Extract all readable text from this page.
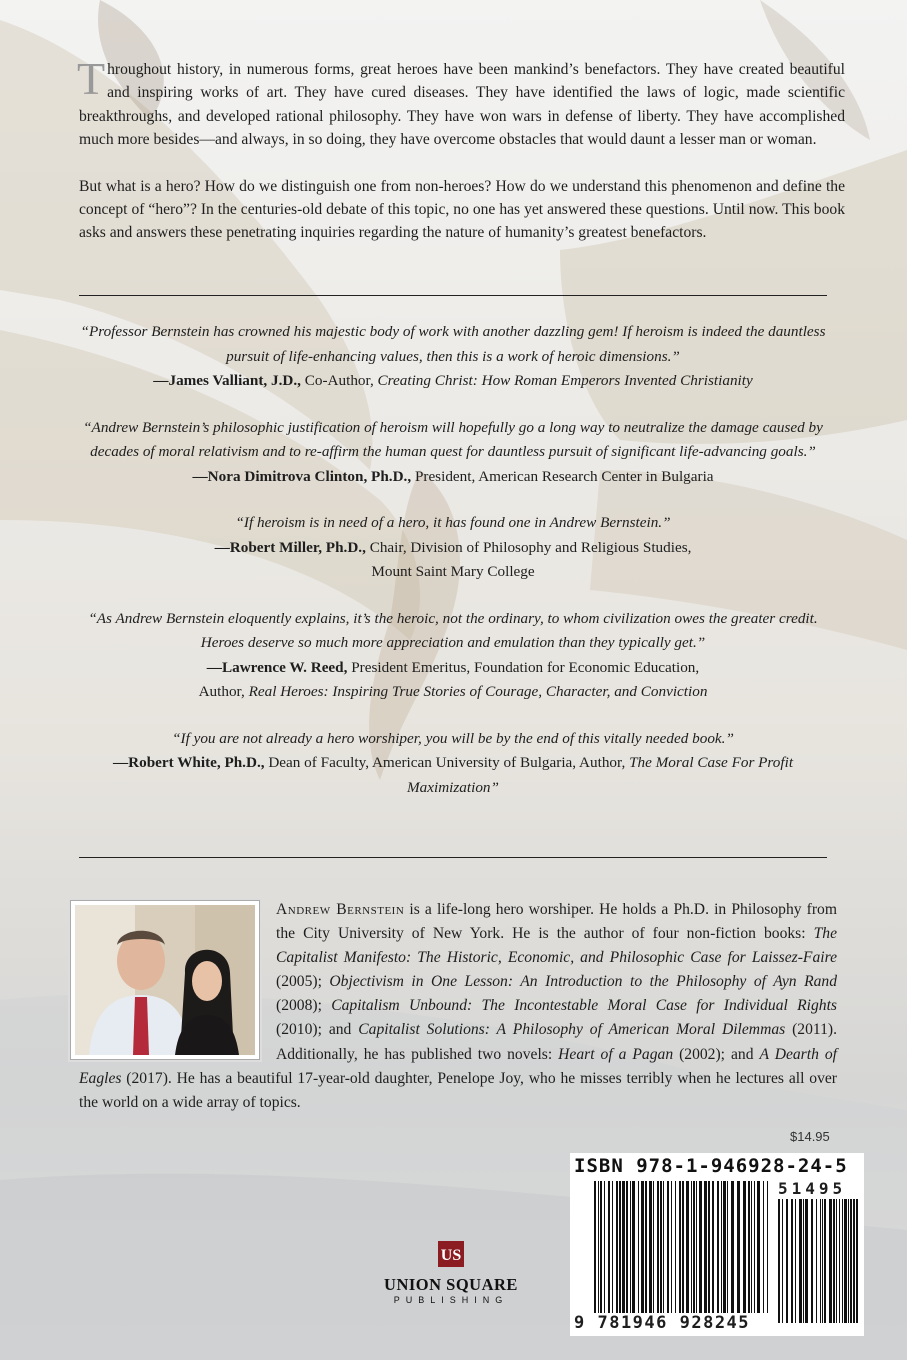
Throughout history, in numerous forms, great heroes have been mankind’s benefactors. They have created beautiful and inspiring works of art. They have cured diseases. They have identified the laws of logic, made scientific breakthroughs, and developed rational philosophy. They have won wars in defense of liberty. They have accomplished much more besides—and always, in so doing, they have overcome obstacles that would daunt a lesser man or woman.

But what is a hero? How do we distinguish one from non-heroes? How do we understand this phenomenon and define the concept of “hero”? In the centuries-old debate of this topic, no one has yet answered these questions. Until now. This book asks and answers these penetrating inquiries regarding the nature of humanity’s greatest benefactors.

“Professor Bernstein has crowned his majestic body of work with another dazzling gem! If heroism is indeed the dauntless pursuit of life-enhancing values, then this is a work of heroic dimensions.”
—James Valliant, J.D., Co-Author, Creating Christ: How Roman Emperors Invented Christianity
“Andrew Bernstein’s philosophic justification of heroism will hopefully go a long way to neutralize the damage caused by decades of moral relativism and to re-affirm the human quest for dauntless pursuit of significant life-advancing goals.”
—Nora Dimitrova Clinton, Ph.D., President, American Research Center in Bulgaria
“If heroism is in need of a hero, it has found one in Andrew Bernstein.”
—Robert Miller, Ph.D., Chair, Division of Philosophy and Religious Studies,
Mount Saint Mary College
“As Andrew Bernstein eloquently explains, it’s the heroic, not the ordinary, to whom civilization owes the greater credit. Heroes deserve so much more appreciation and emulation than they typically get.”
—Lawrence W. Reed, President Emeritus, Foundation for Economic Education,
Author, Real Heroes: Inspiring True Stories of Courage, Character, and Conviction
“If you are not already a hero worshiper, you will be by the end of this vitally needed book.”
—Robert White, Ph.D., Dean of Faculty, American University of Bulgaria, Author, The Moral Case For Profit Maximization”
Andrew Bernstein is a life-long hero worshiper. He holds a Ph.D. in Philosophy from the City University of New York. He is the author of four non-fiction books: The Capitalist Manifesto: The Historic, Economic, and Philosophic Case for Laissez-Faire (2005); Objectivism in One Lesson: An Introduction to the Philosophy of Ayn Rand (2008); Capitalism Unbound: The Incontestable Moral Case for Individual Rights (2010); and Capitalist Solutions: A Philosophy of American Moral Dilemmas (2011). Additionally, he has published two novels: Heart of a Pagan (2002); and A Dearth of Eagles (2017). He has a beautiful 17-year-old daughter, Penelope Joy, who he misses terribly when he lectures all over the world on a wide array of topics.
$14.95
ISBN 978-1-946928-24-5
51495
9 781946 928245
US
UNION SQUARE
PUBLISHING
